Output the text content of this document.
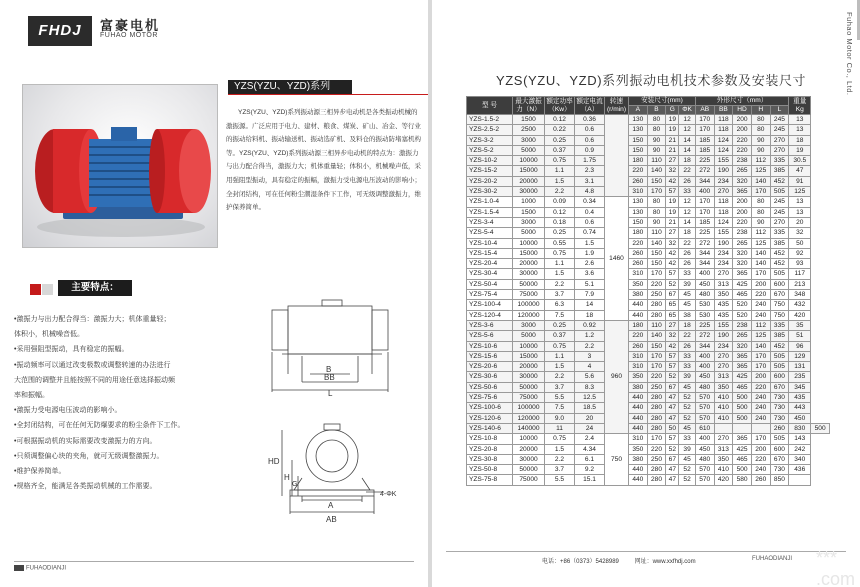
FHDJ	富豪电机
FUHAO MOTOR
YZS(YZU、YZD)系列

YZS(YZU、YZD)系列振动源三相异步电动机是各类振动机械的激振源。广泛应用于电力、建材、粮食、煤炭、矿山、冶金、等行业的振动给料机、振动输送机、振动选矿机、及料仓的振动防堵塞机构等。YZS(YZU、YZD)系列振动源三相异步电动机的特点为：激振力与出力配合得当，激振力大；机体重量轻；体积小，机械噪声低，采用强阻型振动，具有稳定的振幅，激振力受电源电压波动的影响小；全封闭结构，可在任何粉尘潮湿条件下工作，可无级调整激振力，维护保养简单。

主要特点：
•激振力与出力配合得当：激振力大；机体重量轻；
体积小，机械噪音低。
•采用强阻型振动，具有稳定的振幅。
•振动频率可以通过改变极数或调整转速的办法进行
大范围的调整并且能按照不同的用途任意选择振动频
率和振幅。
•激振力受电源电压波动的影响小。
•全封闭结构，可在任何无防爆要求的粉尘条件下工作。
•可根据振动机的实际需要改变激振力的方向。
•只须调整偏心块的夹角，就可无级调整激振力。
•维护保养简单。
•规格齐全，能满足各类振动机械的工作需要。
B
BB
L
HD
H
G
A
AB
4-ΦK
FUHAODIANJI
Fuhao Motor Co., Ltd.
YZS(YZU、YZD)系列振动电机技术参数及安装尺寸
型 号	最大激振力（N）	额定功率（Kw）	额定电流（A）	转速(r/min)	安装尺寸(mm)				外形尺寸（mm）					重量Kg	
					A	B	G	ΦK	AB	BB	HD	H	L		
YZS-1.5-2	1500	0.12	0.36		130	80	19	12	170	118	200	80	245	13	
YZS-2.5-2	2500	0.22	0.6		130	80	19	12	170	118	200	80	245	13	
YZS-3-2	3000	0.25	0.6		150	90	21	14	185	124	220	90	270	18	
YZS-5-2	5000	0.37	0.9		150	90	21	14	185	124	220	90	270	19	
YZS-10-2	10000	0.75	1.75		180	110	27	18	225	155	238	112	335	30.5	
YZS-15-2	15000	1.1	2.3		220	140	32	22	272	190	265	125	385	47	
YZS-20-2	20000	1.5	3.1		260	150	42	26	344	234	320	140	452	91	
YZS-30-2	30000	2.2	4.8		310	170	57	33	400	270	365	170	505	125	
YZS-1.0-4	1000	0.09	0.34	1460	130	80	19	12	170	118	200	80	245	13	
YZS-1.5-4	1500	0.12	0.4		130	80	19	12	170	118	200	80	245	13	
YZS-3-4	3000	0.18	0.6		150	90	21	14	185	124	220	90	270	20	
YZS-5-4	5000	0.25	0.74		180	110	27	18	225	155	238	112	335	32	
YZS-10-4	10000	0.55	1.5		220	140	32	22	272	190	265	125	385	50	
YZS-15-4	15000	0.75	1.9		260	150	42	26	344	234	320	140	452	92	
YZS-20-4	20000	1.1	2.6		260	150	42	26	344	234	320	140	452	93	
YZS-30-4	30000	1.5	3.6		310	170	57	33	400	270	365	170	505	117	
YZS-50-4	50000	2.2	5.1		350	220	52	39	450	313	425	200	600	213	
YZS-75-4	75000	3.7	7.9		380	250	67	45	480	350	465	220	670	348	
YZS-100-4	100000	6.3	14		440	280	65	45	530	435	520	240	750	432	
YZS-120-4	120000	7.5	18		440	280	65	38	530	435	520	240	750	420	
YZS-3-6	3000	0.25	0.92	960	180	110	27	18	225	155	238	112	335	35	
YZS-5-6	5000	0.37	1.2		220	140	32	22	272	190	265	125	385	51	
YZS-10-6	10000	0.75	2.2		260	150	42	26	344	234	320	140	452	96	
YZS-15-6	15000	1.1	3		310	170	57	33	400	270	365	170	505	129	
YZS-20-6	20000	1.5	4		310	170	57	33	400	270	365	170	505	131	
YZS-30-6	30000	2.2	5.6		350	220	52	39	450	313	425	200	600	235	
YZS-50-6	50000	3.7	8.3		380	250	67	45	480	350	465	220	670	345	
YZS-75-6	75000	5.5	12.5		440	280	47	52	570	410	500	240	730	435	
YZS-100-6	100000	7.5	18.5		440	280	47	52	570	410	500	240	730	443	
YZS-120-6	120000	9.0	20		440	280	47	52	570	410	500	240	730	450	
YZS-140-6	140000	11	24		440	280	50	45	610				260	830	500
YZS-10-8	10000	0.75	2.4	750	310	170	57	33	400	270	365	170	505	143	
YZS-20-8	20000	1.5	4.34		350	220	52	39	450	313	425	200	600	242	
YZS-30-8	30000	2.2	6.1		380	250	67	45	480	350	465	220	670	340	
YZS-50-8	50000	3.7	9.2		440	280	47	52	570	410	500	240	730	436	
YZS-75-8	75000	5.5	15.1		440	280	47	52	570	420	580	260	850		
电话：+86（0373）5428989	网址：www.xxfhdj.com	FUHAODIANJI *** .com
